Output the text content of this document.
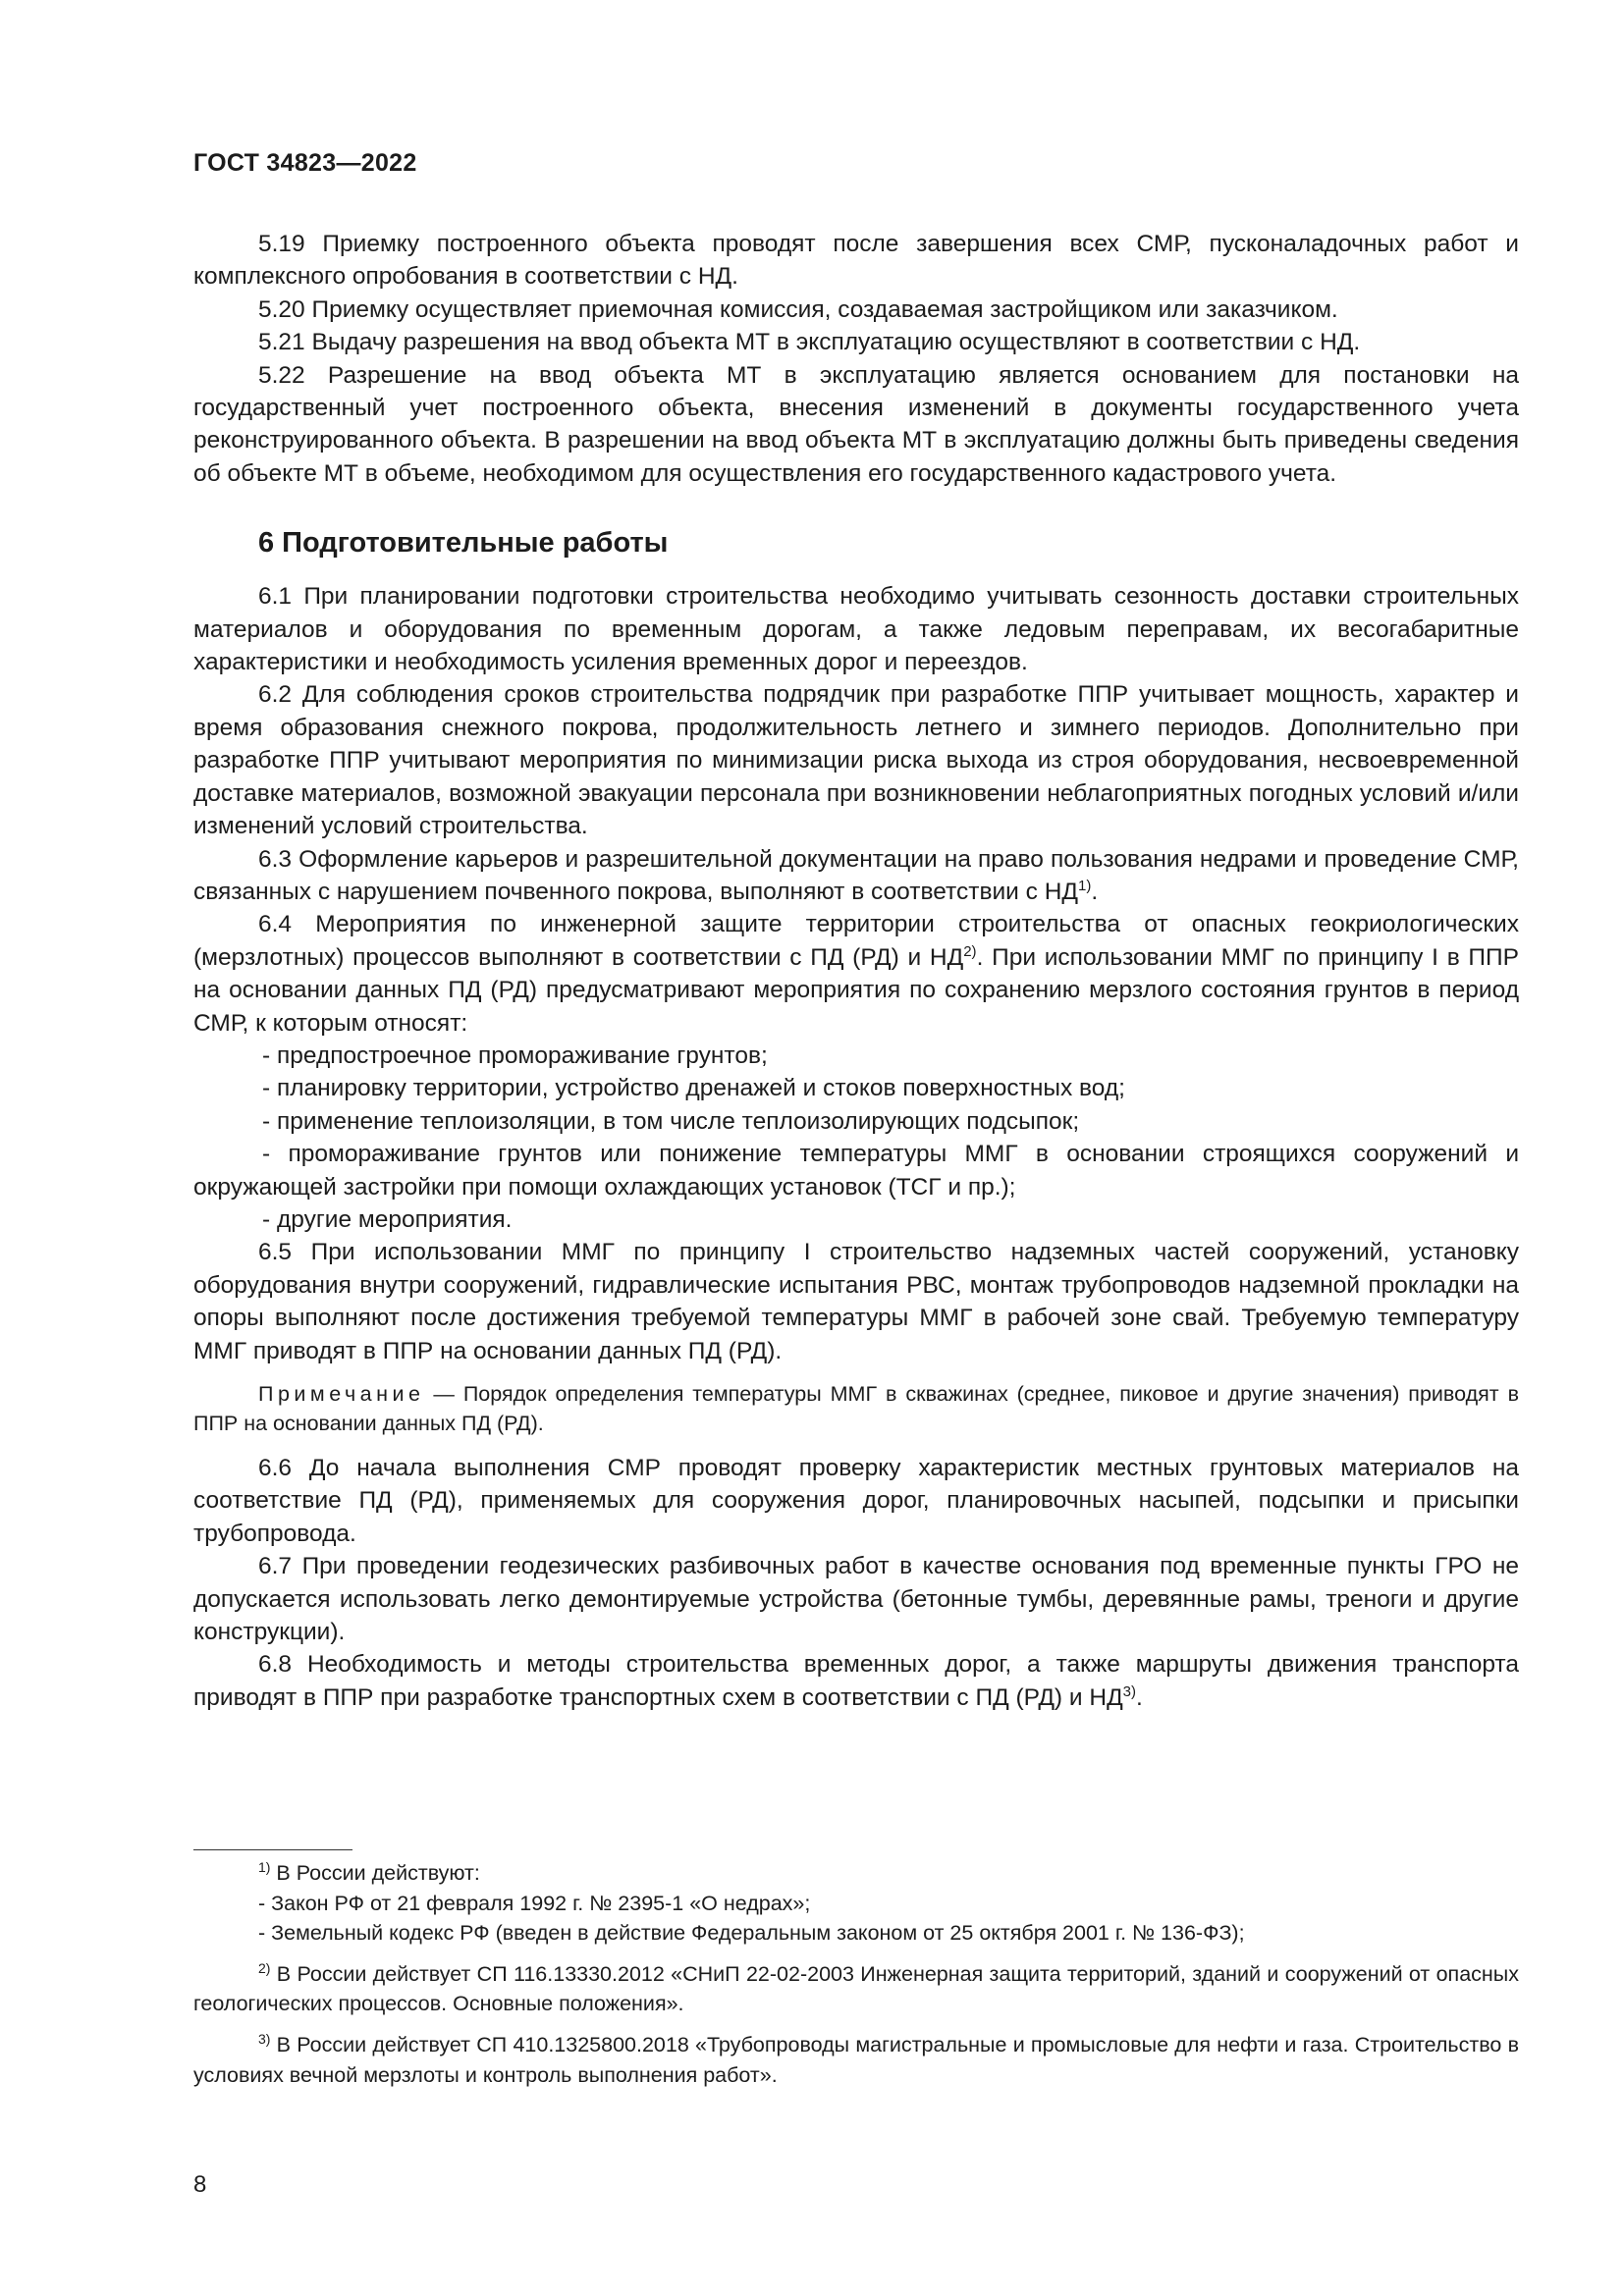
ГОСТ 34823—2022

5.19 Приемку построенного объекта проводят после завершения всех СМР, пусконаладочных работ и комплексного опробования в соответствии с НД.

5.20 Приемку осуществляет приемочная комиссия, создаваемая застройщиком или заказчиком.

5.21 Выдачу разрешения на ввод объекта МТ в эксплуатацию осуществляют в соответствии с НД.

5.22 Разрешение на ввод объекта МТ в эксплуатацию является основанием для постановки на государственный учет построенного объекта, внесения изменений в документы государственного учета реконструированного объекта. В разрешении на ввод объекта МТ в эксплуатацию должны быть приведены сведения об объекте МТ в объеме, необходимом для осуществления его государственного кадастрового учета.

6 Подготовительные работы

6.1 При планировании подготовки строительства необходимо учитывать сезонность доставки строительных материалов и оборудования по временным дорогам, а также ледовым переправам, их весогабаритные характеристики и необходимость усиления временных дорог и переездов.

6.2 Для соблюдения сроков строительства подрядчик при разработке ППР учитывает мощность, характер и время образования снежного покрова, продолжительность летнего и зимнего периодов. Дополнительно при разработке ППР учитывают мероприятия по минимизации риска выхода из строя оборудования, несвоевременной доставке материалов, возможной эвакуации персонала при возникновении неблагоприятных погодных условий и/или изменений условий строительства.

6.3 Оформление карьеров и разрешительной документации на право пользования недрами и проведение СМР, связанных с нарушением почвенного покрова, выполняют в соответствии с НД$^{1)}$.

6.4 Мероприятия по инженерной защите территории строительства от опасных геокриологических (мерзлотных) процессов выполняют в соответствии с ПД (РД) и НД$^{2)}$. При использовании ММГ по принципу I в ППР на основании данных ПД (РД) предусматривают мероприятия по сохранению мерзлого состояния грунтов в период СМР, к которым относят:

- предпостроечное промораживание грунтов;

- планировку территории, устройство дренажей и стоков поверхностных вод;

- применение теплоизоляции, в том числе теплоизолирующих подсыпок;

- промораживание грунтов или понижение температуры ММГ в основании строящихся сооружений и окружающей застройки при помощи охлаждающих установок (ТСГ и пр.);

- другие мероприятия.

6.5 При использовании ММГ по принципу I строительство надземных частей сооружений, установку оборудования внутри сооружений, гидравлические испытания РВС, монтаж трубопроводов надземной прокладки на опоры выполняют после достижения требуемой температуры ММГ в рабочей зоне свай. Требуемую температуру ММГ приводят в ППР на основании данных ПД (РД).

Примечание — Порядок определения температуры ММГ в скважинах (среднее, пиковое и другие значения) приводят в ППР на основании данных ПД (РД).

6.6 До начала выполнения СМР проводят проверку характеристик местных грунтовых материалов на соответствие ПД (РД), применяемых для сооружения дорог, планировочных насыпей, подсыпки и присыпки трубопровода.

6.7 При проведении геодезических разбивочных работ в качестве основания под временные пункты ГРО не допускается использовать легко демонтируемые устройства (бетонные тумбы, деревянные рамы, треноги и другие конструкции).

6.8 Необходимость и методы строительства временных дорог, а также маршруты движения транспорта приводят в ППР при разработке транспортных схем в соответствии с ПД (РД) и НД$^{3)}$.

$^{1)}$ В России действуют:

- Закон РФ от 21 февраля 1992 г. № 2395-1 «О недрах»;

- Земельный кодекс РФ (введен в действие Федеральным законом от 25 октября 2001 г. № 136-ФЗ);

$^{2)}$ В России действует СП 116.13330.2012 «СНиП 22-02-2003 Инженерная защита территорий, зданий и сооружений от опасных геологических процессов. Основные положения».

$^{3)}$ В России действует СП 410.1325800.2018 «Трубопроводы магистральные и промысловые для нефти и газа. Строительство в условиях вечной мерзлоты и контроль выполнения работ».

8
